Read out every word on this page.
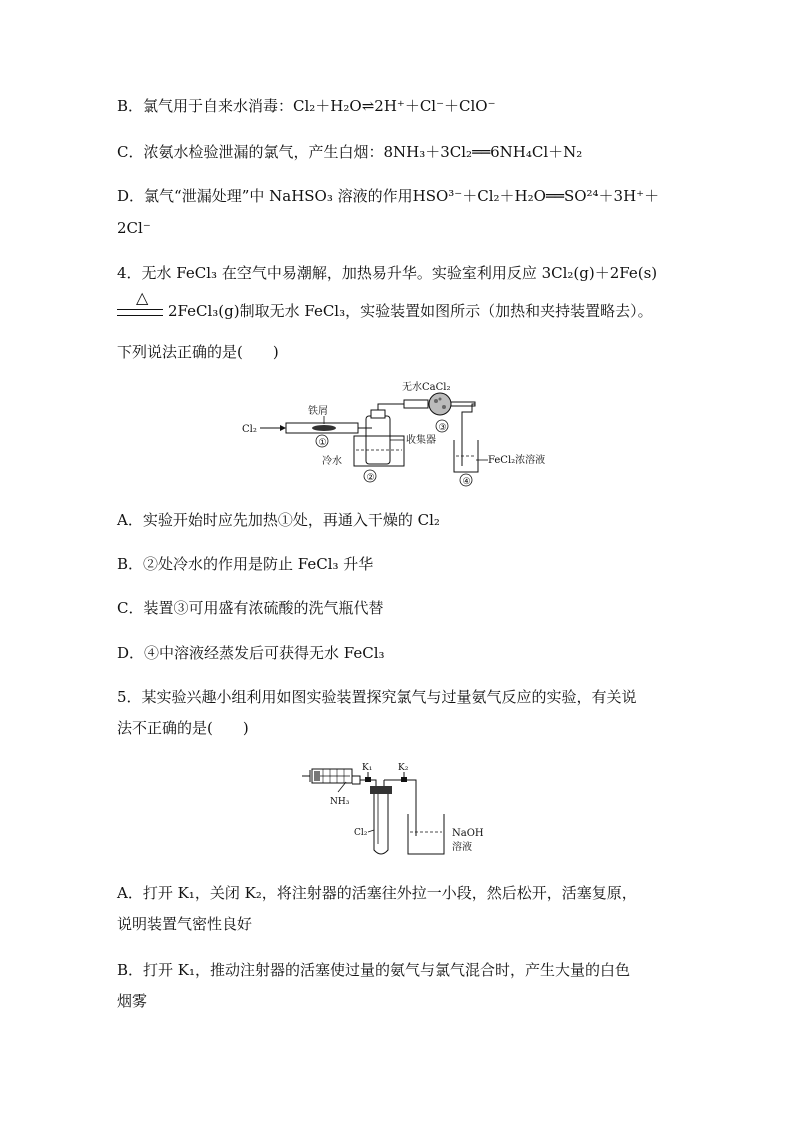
B．氯气用于自来水消毒：Cl₂＋H₂O⇌2H⁺＋Cl⁻＋ClO⁻
C．浓氨水检验泄漏的氯气，产生白烟：8NH₃＋3Cl₂══6NH₄Cl＋N₂
D．氯气“泄漏处理”中 NaHSO₃ 溶液的作用HSO³⁻＋Cl₂＋H₂O══SO²⁴＋3H⁺＋
2Cl⁻
4．无水 FeCl₃ 在空气中易潮解，加热易升华。实验室利用反应 3Cl₂(g)＋2Fe(s)
△
2FeCl₃(g)制取无水 FeCl₃，实验装置如图所示（加热和夹持装置略去）。
下列说法正确的是(　　)
Cl₂
铁屑
①	收集器
冷水
②
无水CaCl₂
③
FeCl₂浓溶液
④
A．实验开始时应先加热①处，再通入干燥的 Cl₂
B．②处冷水的作用是防止 FeCl₃ 升华
C．装置③可用盛有浓硫酸的洗气瓶代替
D．④中溶液经蒸发后可获得无水 FeCl₃
5．某实验兴趣小组利用如图实验装置探究氯气与过量氨气反应的实验，有关说
法不正确的是(　　)
NH₃
K₁
Cl₂
K₂
NaOH
溶液
A．打开 K₁，关闭 K₂，将注射器的活塞往外拉一小段，然后松开，活塞复原，
说明装置气密性良好
B．打开 K₁，推动注射器的活塞使过量的氨气与氯气混合时，产生大量的白色
烟雾
